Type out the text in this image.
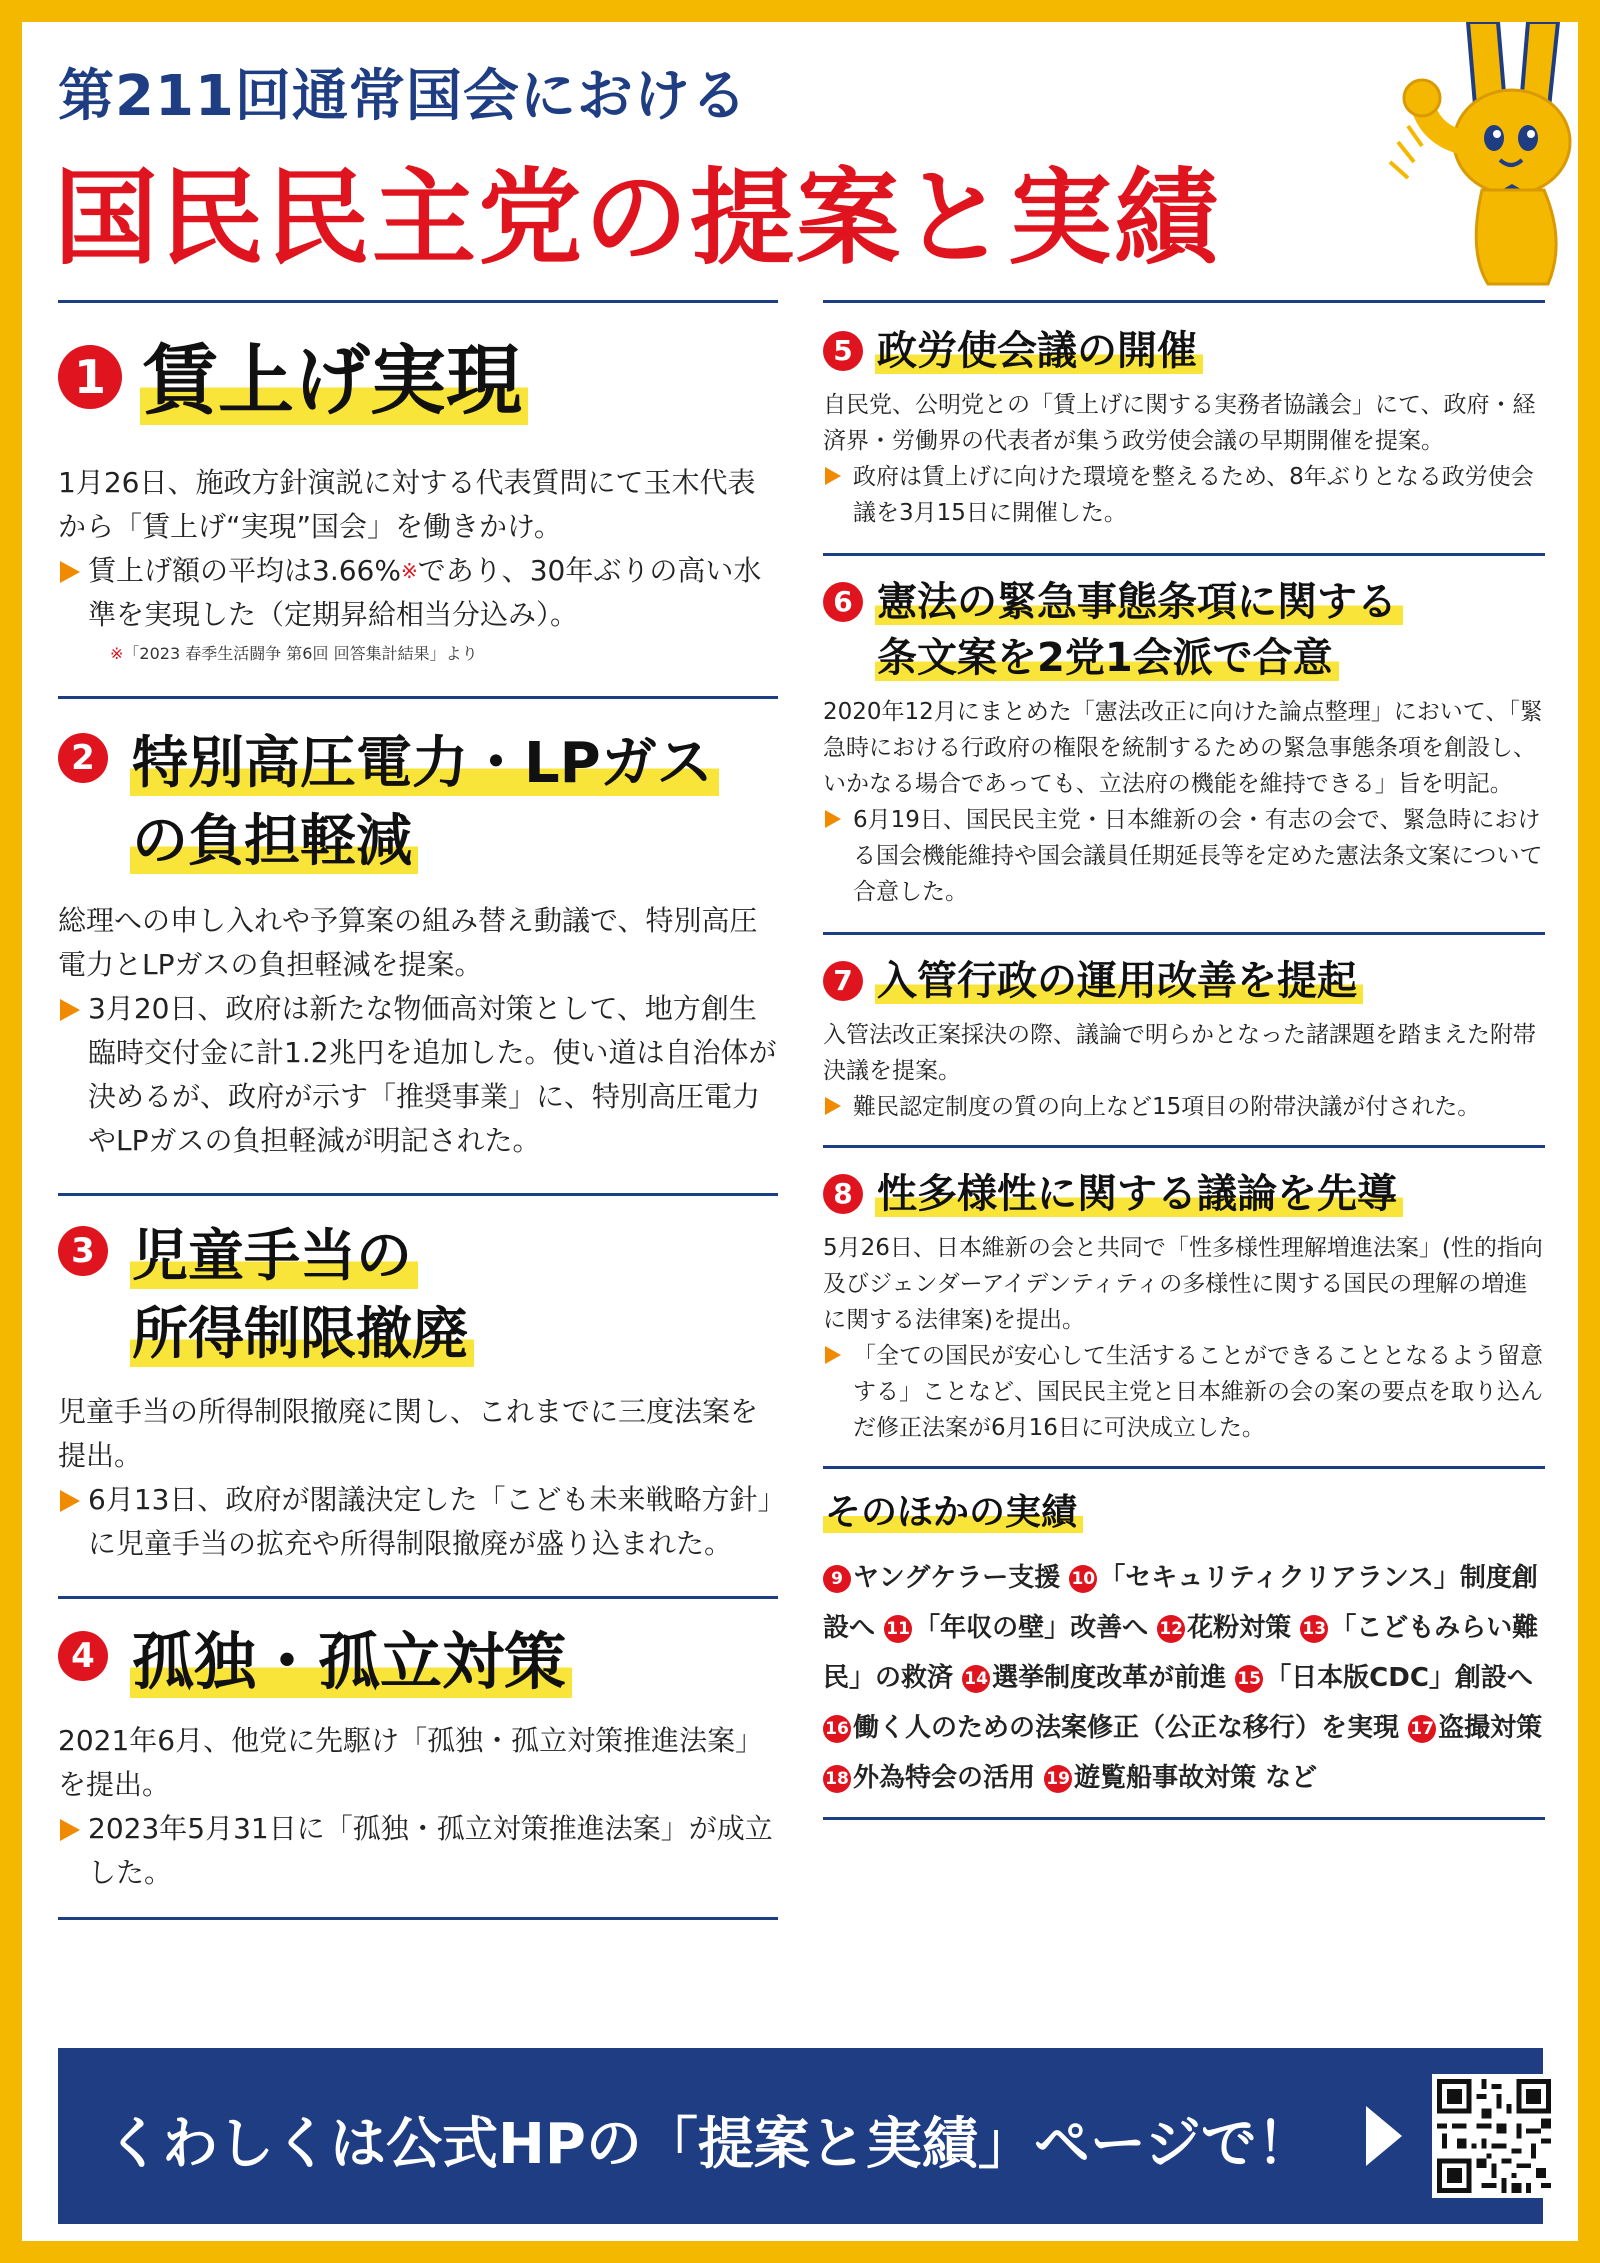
第211回通常国会における
国民民主党の提案と実績
1 賃上げ実現
1月26日、施政方針演説に対する代表質問にて玉木代表から「賃上げ“実現”国会」を働きかけ。
賃上げ額の平均は3.66%※であり、30年ぶりの高い水準を実現した（定期昇給相当分込み）。
※「2023 春季生活闘争 第6回 回答集計結果」より
2 特別高圧電力・LPガス
の負担軽減
総理への申し入れや予算案の組み替え動議で、特別高圧電力とLPガスの負担軽減を提案。
3月20日、政府は新たな物価高対策として、地方創生臨時交付金に計1.2兆円を追加した。使い道は自治体が決めるが、政府が示す「推奨事業」に、特別高圧電力やLPガスの負担軽減が明記された。
3 児童手当の
所得制限撤廃
児童手当の所得制限撤廃に関し、これまでに三度法案を提出。
6月13日、政府が閣議決定した「こども未来戦略方針」に児童手当の拡充や所得制限撤廃が盛り込まれた。
4 孤独・孤立対策
2021年6月、他党に先駆け「孤独・孤立対策推進法案」を提出。
2023年5月31日に「孤独・孤立対策推進法案」が成立した。
5 政労使会議の開催
自民党、公明党との「賃上げに関する実務者協議会」にて、政府・経済界・労働界の代表者が集う政労使会議の早期開催を提案。
政府は賃上げに向けた環境を整えるため、8年ぶりとなる政労使会議を3月15日に開催した。
6 憲法の緊急事態条項に関する
条文案を2党1会派で合意
2020年12月にまとめた「憲法改正に向けた論点整理」において、「緊急時における行政府の権限を統制するための緊急事態条項を創設し、いかなる場合であっても、立法府の機能を維持できる」旨を明記。
6月19日、国民民主党・日本維新の会・有志の会で、緊急時における国会機能維持や国会議員任期延長等を定めた憲法条文案について合意した。
7 入管行政の運用改善を提起
入管法改正案採決の際、議論で明らかとなった諸課題を踏まえた附帯決議を提案。
難民認定制度の質の向上など15項目の附帯決議が付された。
8 性多様性に関する議論を先導
5月26日、日本維新の会と共同で「性多様性理解増進法案」(性的指向及びジェンダーアイデンティティの多様性に関する国民の理解の増進に関する法律案)を提出。
「全ての国民が安心して生活することができることとなるよう留意する」ことなど、国民民主党と日本維新の会の案の要点を取り込んだ修正法案が6月16日に可決成立した。
そのほかの実績
9 ヤングケラー支援 10 「セキュリティクリアランス」制度創設へ 11 「年収の壁」改善へ 12 花粉対策 13 「こどもみらい難民」の救済 14 選挙制度改革が前進 15 「日本版CDC」創設へ 16 働く人のための法案修正（公正な移行）を実現 17 盗撮対策 18 外為特会の活用 19 遊覧船事故対策 など
くわしくは公式HPの「提案と実績」ページで！
